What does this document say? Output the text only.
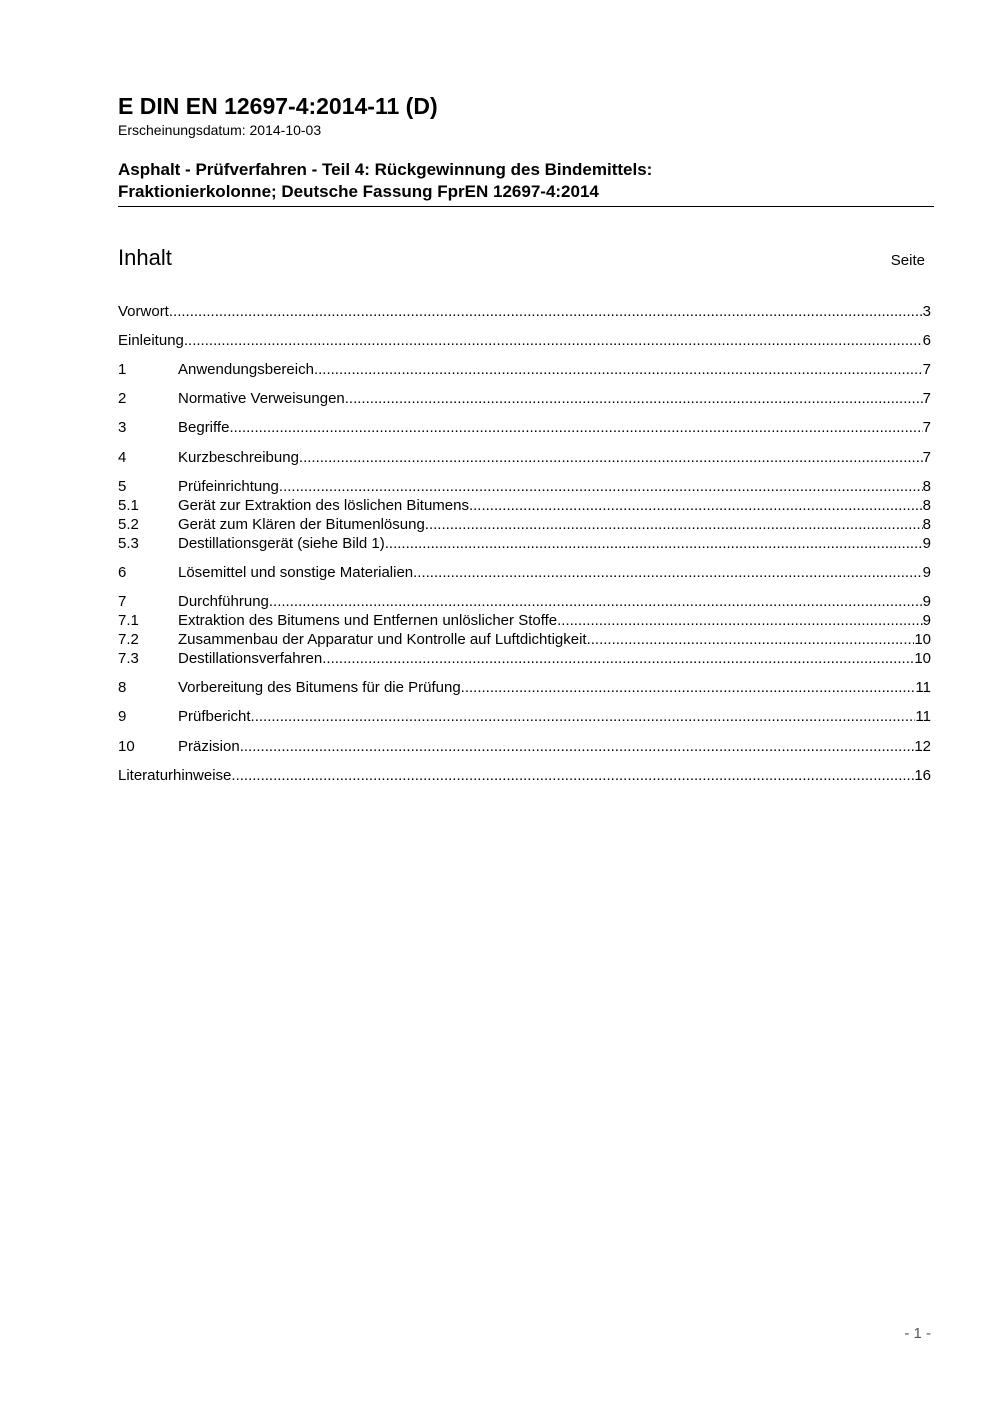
E DIN EN 12697-4:2014-11 (D)
Erscheinungsdatum: 2014-10-03
Asphalt - Prüfverfahren - Teil 4: Rückgewinnung des Bindemittels:
Fraktionierkolonne; Deutsche Fassung FprEN 12697-4:2014
Inhalt	Seite
Vorwort .....	3
Einleitung .....	6
1	Anwendungsbereich .....	7
2	Normative Verweisungen .....	7
3	Begriffe .....	7
4	Kurzbeschreibung .....	7
5	Prüfeinrichtung .....	8
5.1	Gerät zur Extraktion des löslichen Bitumens .....	8
5.2	Gerät zum Klären der Bitumenlösung .....	8
5.3	Destillationsgerät (siehe Bild 1) .....	9
6	Lösemittel und sonstige Materialien .....	9
7	Durchführung .....	9
7.1	Extraktion des Bitumens und Entfernen unlöslicher Stoffe .....	9
7.2	Zusammenbau der Apparatur und Kontrolle auf Luftdichtigkeit .....	10
7.3	Destillationsverfahren .....	10
8	Vorbereitung des Bitumens für die Prüfung .....	11
9	Prüfbericht .....	11
10	Präzision .....	12
Literaturhinweise .....	16
- 1 -
